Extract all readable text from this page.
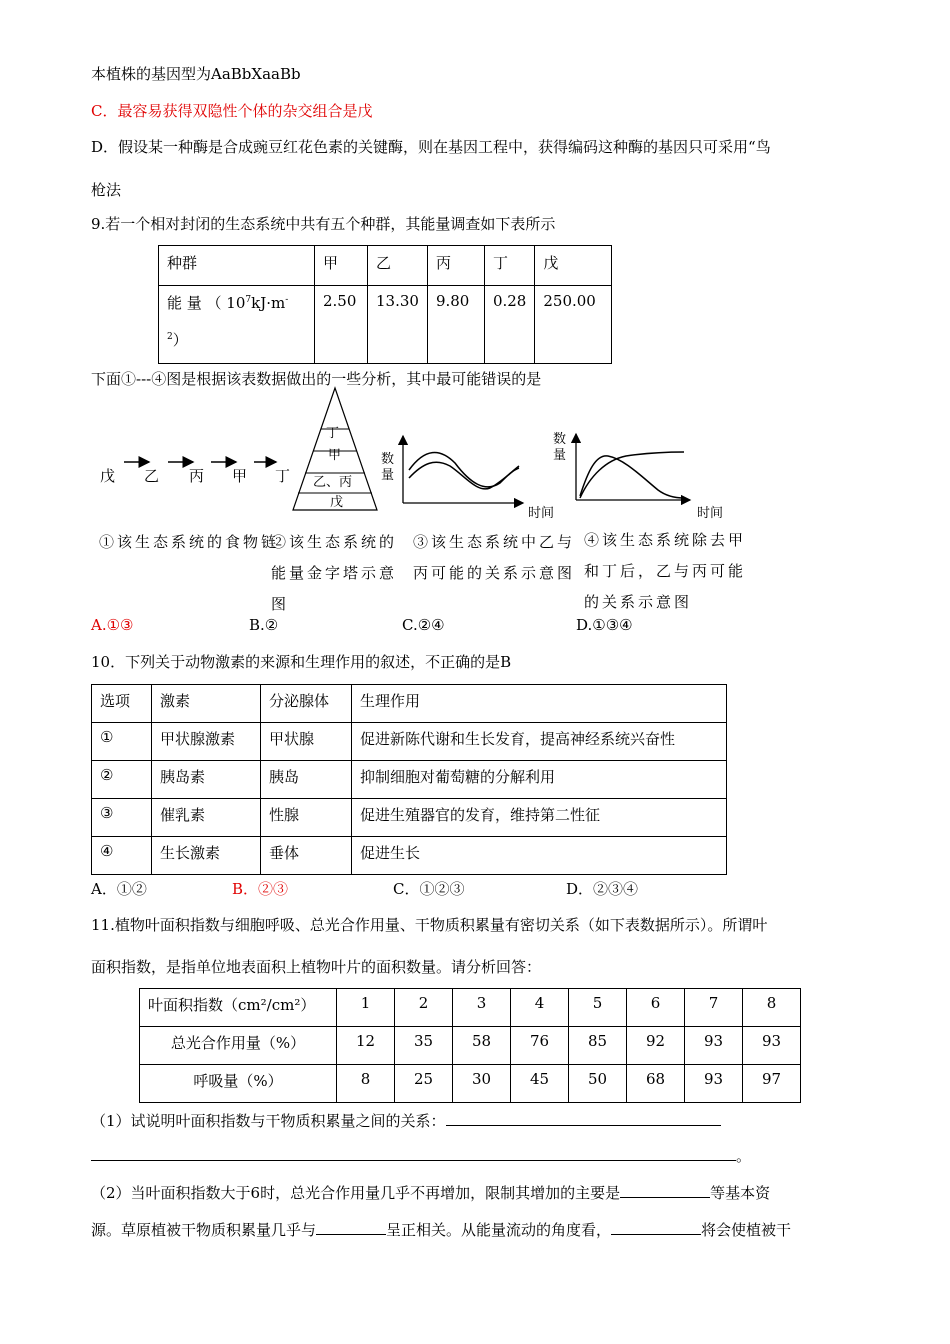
本植株的基因型为AaBbXaaBb
C．最容易获得双隐性个体的杂交组合是戊
D．假设某一种酶是合成豌豆红花色素的关键酶，则在基因工程中，获得编码这种酶的基因只可采用“鸟
枪法
9.若一个相对封闭的生态系统中共有五个种群，其能量调查如下表所示
种群	甲	乙	丙	丁	戊

能 量 （ $10^7kJ\cdot m^-$
$^2$）	2.50	13.30	9.80	0.28	250.00
下面①---④图是根据该表数据做出的一些分析，其中最可能错误的是
戊 乙 丙 甲 丁
丁
甲
乙、丙
戊
数量
时间
数量
时间
①该生态系统的食物链
②该生态系统的
能量金字塔示意
图
③该生态系统中乙与
丙可能的关系示意图
④该生态系统除去甲
和丁后，乙与丙可能
的关系示意图
A.①③	B.②	C.②④	D.①③④
10．下列关于动物激素的来源和生理作用的叙述，不正确的是B
选项	激素	分泌腺体	生理作用
①	甲状腺激素	甲状腺	促进新陈代谢和生长发育，提高神经系统兴奋性
②	胰岛素	胰岛	抑制细胞对葡萄糖的分解利用
③	催乳素	性腺	促进生殖器官的发育，维持第二性征
④	生长激素	垂体	促进生长
A．①②	B．②③	C．①②③	D．②③④
11.植物叶面积指数与细胞呼吸、总光合作用量、干物质积累量有密切关系（如下表数据所示）。所谓叶
面积指数，是指单位地表面积上植物叶片的面积数量。请分析回答：
叶面积指数（cm²/cm²）	1	2	3	4	5	6	7	8
总光合作用量（%）	12	35	58	76	85	92	93	93
呼吸量（%）	8	25	30	45	50	68	93	97
（1）试说明叶面积指数与干物质积累量之间的关系：
。
（2）当叶面积指数大于6时，总光合作用量几乎不再增加，限制其增加的主要是	等基本资
源。草原植被干物质积累量几乎与	呈正相关。从能量流动的角度看，	将会使植被干
